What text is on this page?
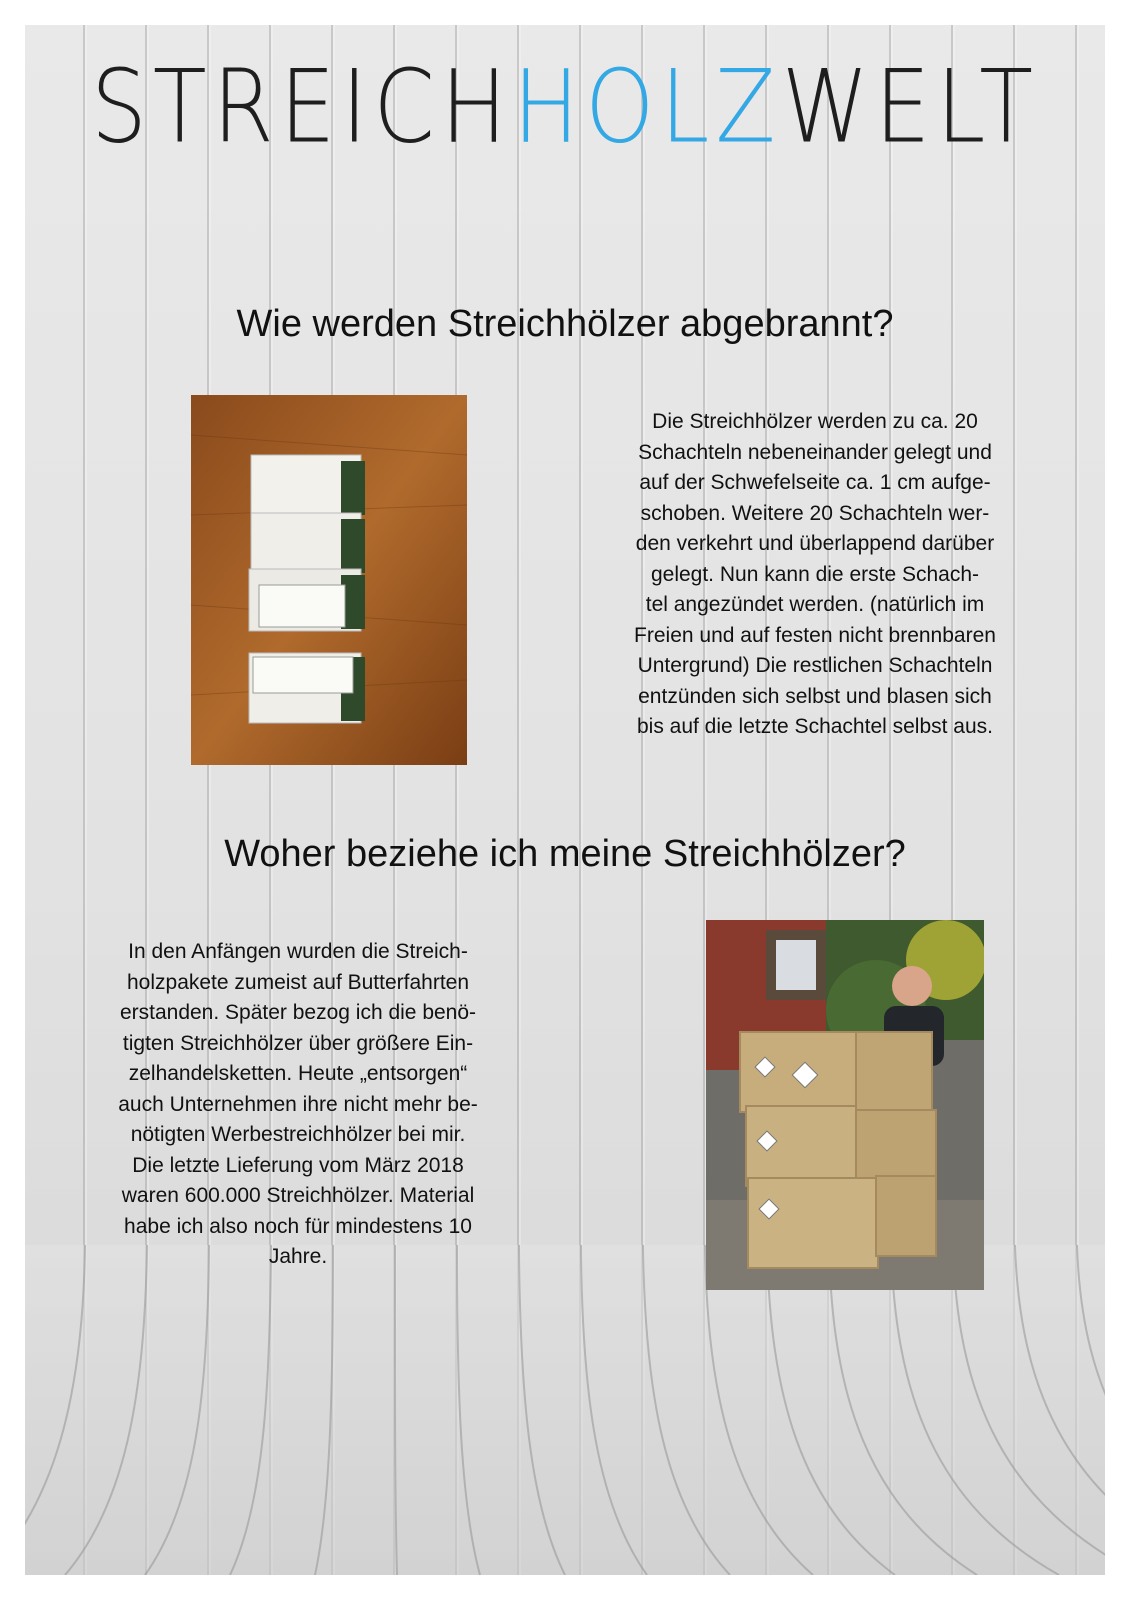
STREICHHOLZWELT
Wie werden Streichhölzer abgebrannt?

Die Streichhölzer werden zu ca. 20
Schachteln nebeneinander gelegt und
auf der Schwefelseite ca. 1 cm aufge-
schoben. Weitere 20 Schachteln wer-
den verkehrt und überlappend darüber
gelegt. Nun kann die erste Schach-
tel angezündet werden. (natürlich im
Freien und auf festen nicht brennbaren
Untergrund) Die restlichen Schachteln
entzünden sich selbst und blasen sich
bis auf die letzte Schachtel selbst aus.

Woher beziehe ich meine Streichhölzer?

In den Anfängen wurden die Streich-
holzpakete zumeist auf Butterfahrten
erstanden. Später bezog ich die benö-
tigten Streichhölzer über größere Ein-
zelhandelsketten. Heute „entsorgen“
auch Unternehmen ihre nicht mehr be-
nötigten Werbestreichhölzer bei mir.
Die letzte Lieferung vom März 2018
waren 600.000 Streichhölzer. Material
habe ich also noch für mindestens 10
Jahre.
